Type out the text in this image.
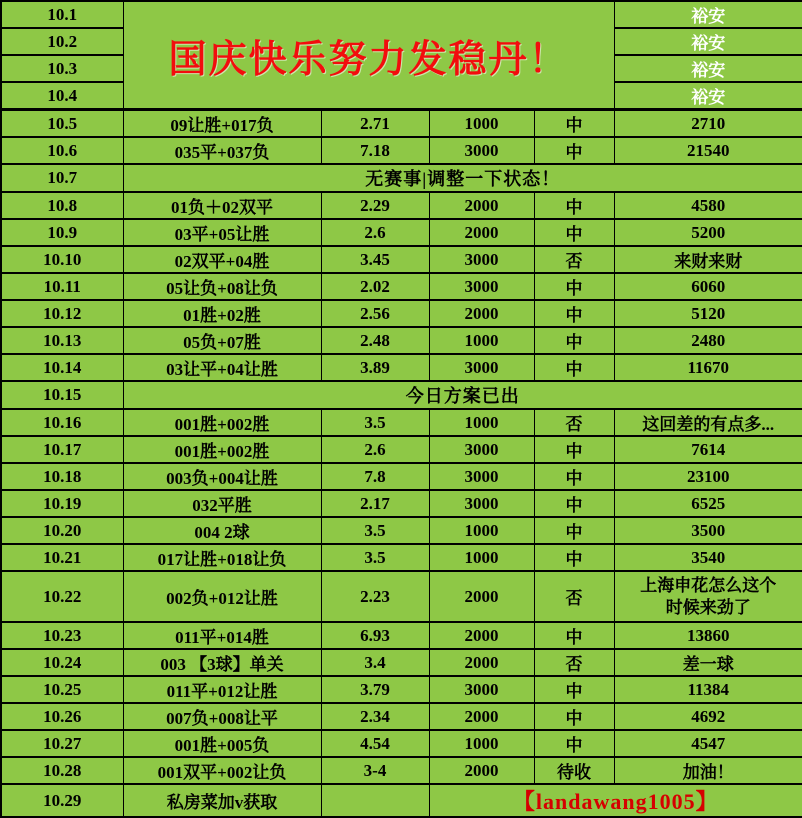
10.1	国庆快乐努力发稳丹！				裕安
10.2					裕安
10.3					裕安
10.4					裕安
10.5	09让胜+017负	2.71	1000	中	2710
10.6	035平+037负	7.18	3000	中	21540
10.7	无赛事|调整一下状态！				
10.8	01负＋02双平	2.29	2000	中	4580
10.9	03平+05让胜	2.6	2000	中	5200
10.10	02双平+04胜	3.45	3000	否	来财来财
10.11	05让负+08让负	2.02	3000	中	6060
10.12	01胜+02胜	2.56	2000	中	5120
10.13	05负+07胜	2.48	1000	中	2480
10.14	03让平+04让胜	3.89	3000	中	11670
10.15	今日方案已出				
10.16	001胜+002胜	3.5	1000	否	这回差的有点多...
10.17	001胜+002胜	2.6	3000	中	7614
10.18	003负+004让胜	7.8	3000	中	23100
10.19	032平胜	2.17	3000	中	6525
10.20	004 2球	3.5	1000	中	3500
10.21	017让胜+018让负	3.5	1000	中	3540
10.22	002负+012让胜	2.23	2000	否	上海申花怎么这个时候来劲了
10.23	011平+014胜	6.93	2000	中	13860
10.24	003 【3球】单关	3.4	2000	否	差一球
10.25	011平+012让胜	3.79	3000	中	11384
10.26	007负+008让平	2.34	2000	中	4692
10.27	001胜+005负	4.54	1000	中	4547
10.28	001双平+002让负	3-4	2000	待收	加油！
10.29	私房菜加v获取		【landawang1005】		
